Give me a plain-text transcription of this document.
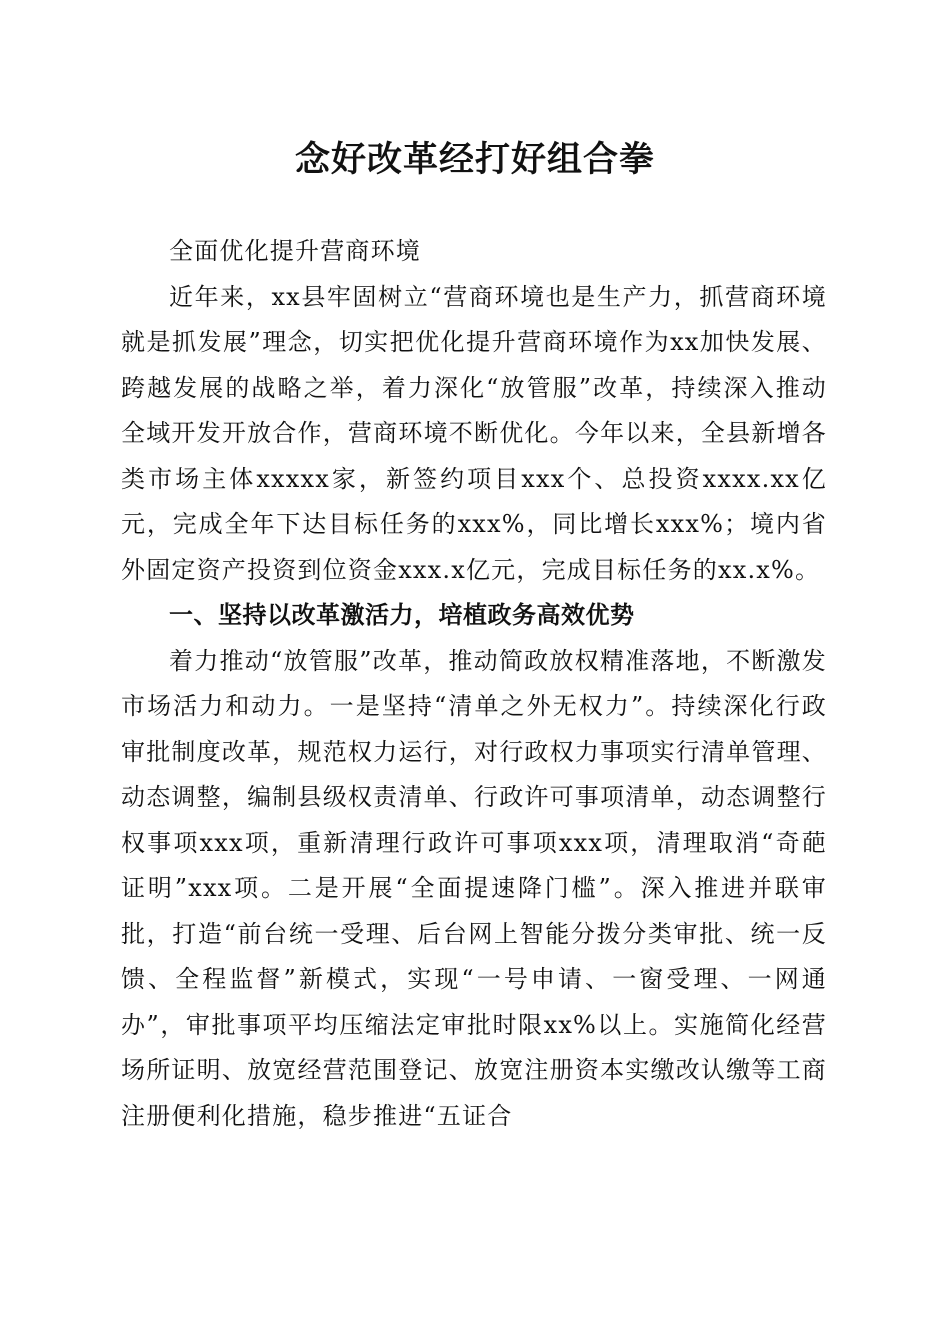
念好改革经打好组合拳

全面优化提升营商环境

近年来，xx县牢固树立“营商环境也是生产力，抓营商环境就是抓发展”理念，切实把优化提升营商环境作为xx加快发展、跨越发展的战略之举，着力深化“放管服”改革，持续深入推动全域开发开放合作，营商环境不断优化。今年以来，全县新增各类市场主体xxxxx家，新签约项目xxx个、总投资xxxx.xx亿元，完成全年下达目标任务的xxx%，同比增长xxx%；境内省外固定资产投资到位资金xxx.x亿元，完成目标任务的xx.x%。

一、坚持以改革激活力，培植政务高效优势

着力推动“放管服”改革，推动简政放权精准落地，不断激发市场活力和动力。一是坚持“清单之外无权力”。持续深化行政审批制度改革，规范权力运行，对行政权力事项实行清单管理、动态调整，编制县级权责清单、行政许可事项清单，动态调整行权事项xxx项，重新清理行政许可事项xxx项，清理取消“奇葩证明”xxx项。二是开展“全面提速降门槛”。深入推进并联审批，打造“前台统一受理、后台网上智能分拨分类审批、统一反馈、全程监督”新模式，实现“一号申请、一窗受理、一网通办”，审批事项平均压缩法定审批时限xx%以上。实施简化经营场所证明、放宽经营范围登记、放宽注册资本实缴改认缴等工商注册便利化措施，稳步推进“五证合
